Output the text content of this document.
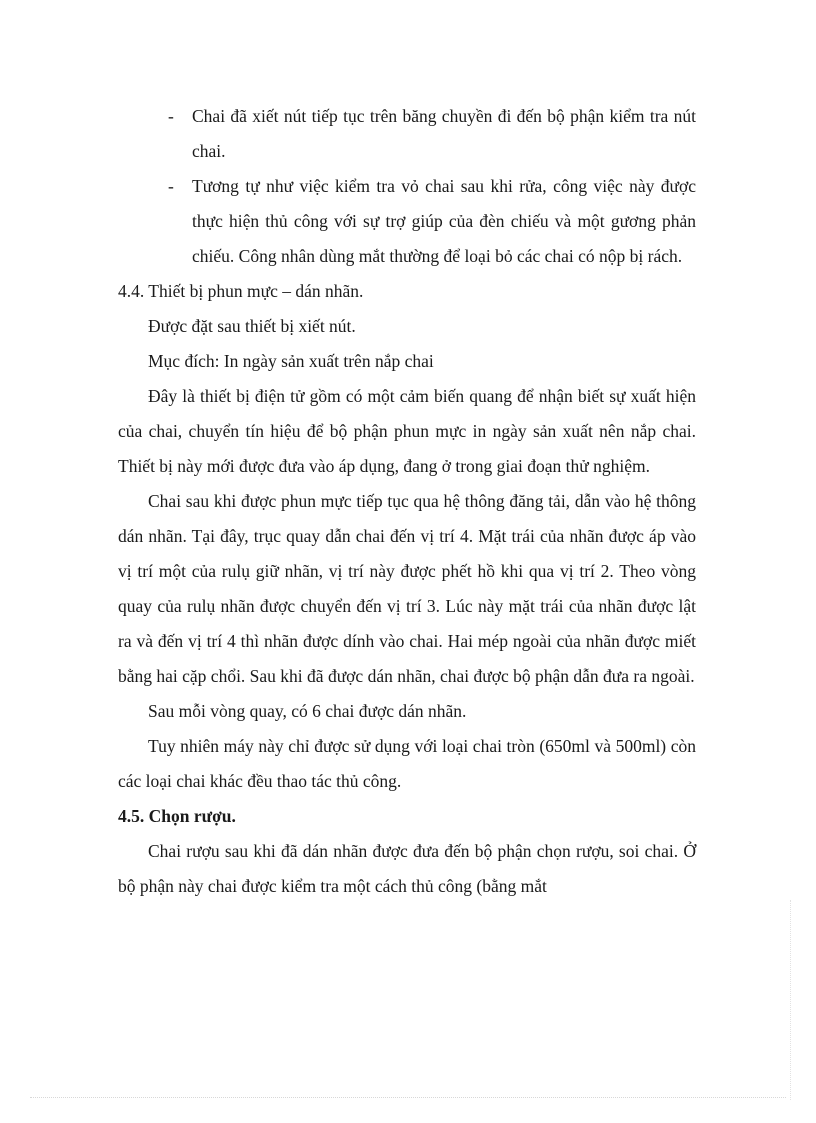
- Chai đã xiết nút tiếp tục trên băng chuyền đi đến bộ phận kiểm tra nút chai.
- Tương tự như việc kiểm tra vỏ chai sau khi rửa, công việc này được thực hiện thủ công với sự trợ giúp của đèn chiếu và một gương phản chiếu. Công nhân dùng mắt thường để loại bỏ các chai có nộp bị rách.

4.4. Thiết bị phun mực – dán nhãn.

Được đặt sau thiết bị xiết nút.

Mục đích: In ngày sản xuất trên nắp chai

Đây là thiết bị điện tử gồm có một cảm biến quang để nhận biết sự xuất hiện của chai, chuyển tín hiệu để bộ phận phun mực in ngày sản xuất nên nắp chai. Thiết bị này mới được đưa vào áp dụng, đang ở trong giai đoạn thử nghiệm.

Chai sau khi được phun mực tiếp tục qua hệ thông đăng tải, dẫn vào hệ thông dán nhãn. Tại đây, trục quay dẫn chai đến vị trí 4. Mặt trái của nhãn được áp vào vị trí một của rulụ giữ nhãn, vị trí này được phết hồ khi qua vị trí 2. Theo vòng quay của rulụ nhãn được chuyển đến vị trí 3. Lúc này mặt trái của nhãn được lật ra và đến vị trí 4 thì nhãn được dính vào chai. Hai mép ngoài của nhãn được miết bằng hai cặp chổi. Sau khi đã được dán nhãn, chai được bộ phận dẫn đưa ra ngoài.

Sau mỗi vòng quay, có 6 chai được dán nhãn.

Tuy nhiên máy này chỉ được sử dụng với loại chai tròn (650ml và 500ml) còn các loại chai khác đều thao tác thủ công.

4.5. Chọn rượu.

Chai rượu sau khi đã dán nhãn được đưa đến bộ phận chọn rượu, soi chai. Ở bộ phận này chai được kiểm tra một cách thủ công (bằng mắt
